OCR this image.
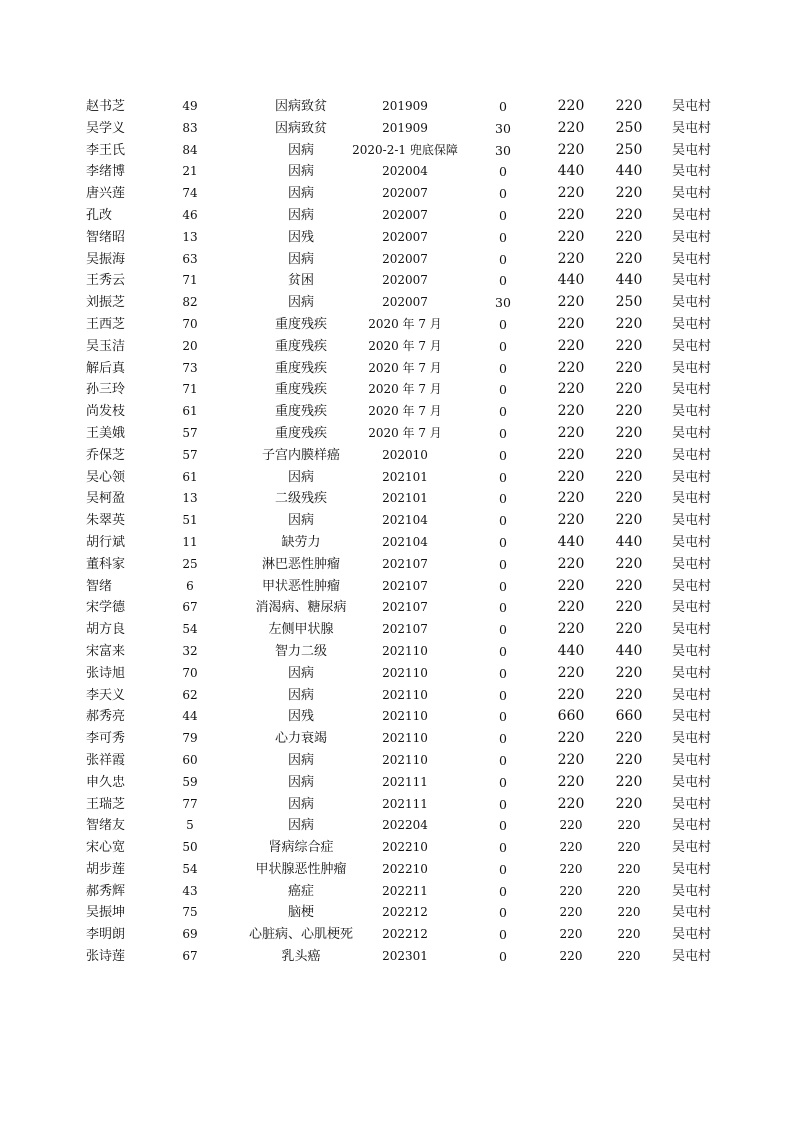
赵书芝	49	因病致贫	201909	0	220	220	吴屯村
吴学义	83	因病致贫	201909	30	220	250	吴屯村
李王氏	84	因病	2020-2-1 兜底保障	30	220	250	吴屯村
李绪博	21	因病	202004	0	440	440	吴屯村
唐兴莲	74	因病	202007	0	220	220	吴屯村
孔改	46	因病	202007	0	220	220	吴屯村
智绪昭	13	因残	202007	0	220	220	吴屯村
吴振海	63	因病	202007	0	220	220	吴屯村
王秀云	71	贫困	202007	0	440	440	吴屯村
刘振芝	82	因病	202007	30	220	250	吴屯村
王西芝	70	重度残疾	2020 年 7 月	0	220	220	吴屯村
吴玉洁	20	重度残疾	2020 年 7 月	0	220	220	吴屯村
解后真	73	重度残疾	2020 年 7 月	0	220	220	吴屯村
孙三玲	71	重度残疾	2020 年 7 月	0	220	220	吴屯村
尚发枝	61	重度残疾	2020 年 7 月	0	220	220	吴屯村
王美娥	57	重度残疾	2020 年 7 月	0	220	220	吴屯村
乔保芝	57	子宫内膜样癌	202010	0	220	220	吴屯村
吴心领	61	因病	202101	0	220	220	吴屯村
吴柯盈	13	二级残疾	202101	0	220	220	吴屯村
朱翠英	51	因病	202104	0	220	220	吴屯村
胡行斌	11	缺劳力	202104	0	440	440	吴屯村
董科家	25	淋巴恶性肿瘤	202107	0	220	220	吴屯村
智绪	6	甲状恶性肿瘤	202107	0	220	220	吴屯村
宋学德	67	消渴病、糖尿病	202107	0	220	220	吴屯村
胡方良	54	左侧甲状腺	202107	0	220	220	吴屯村
宋富来	32	智力二级	202110	0	440	440	吴屯村
张诗旭	70	因病	202110	0	220	220	吴屯村
李天义	62	因病	202110	0	220	220	吴屯村
郝秀亮	44	因残	202110	0	660	660	吴屯村
李可秀	79	心力衰竭	202110	0	220	220	吴屯村
张祥霞	60	因病	202110	0	220	220	吴屯村
申久忠	59	因病	202111	0	220	220	吴屯村
王瑞芝	77	因病	202111	0	220	220	吴屯村
智绪友	5	因病	202204	0	220	220	吴屯村
宋心宽	50	肾病综合症	202210	0	220	220	吴屯村
胡步莲	54	甲状腺恶性肿瘤	202210	0	220	220	吴屯村
郝秀辉	43	癌症	202211	0	220	220	吴屯村
吴振坤	75	脑梗	202212	0	220	220	吴屯村
李明朗	69	心脏病、心肌梗死	202212	0	220	220	吴屯村
张诗莲	67	乳头癌	202301	0	220	220	吴屯村
